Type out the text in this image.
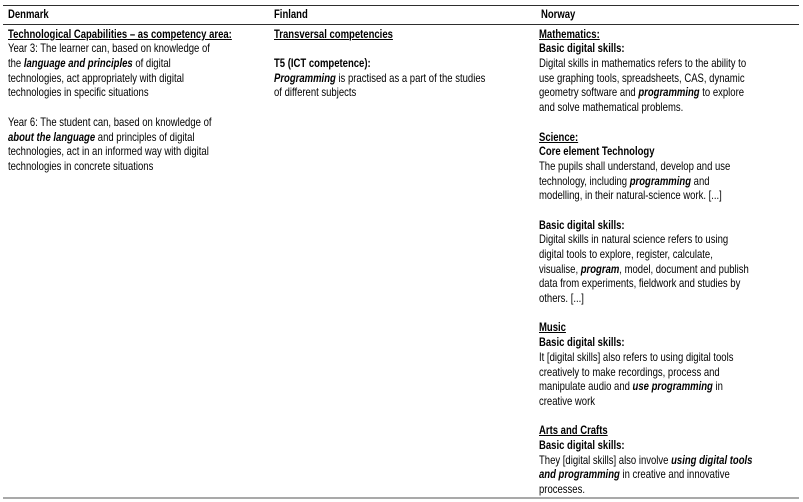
Denmark	Finland	Norway
Technological Capabilities – as competency area:
Year 3: The learner can, based on knowledge of
the language and principles of digital
technologies, act appropriately with digital
technologies in specific situations
Year 6: The student can, based on knowledge of
about the language and principles of digital
technologies, act in an informed way with digital
technologies in concrete situations
Transversal competencies
T5 (ICT competence):
Programming is practised as a part of the studies
of different subjects
Mathematics:
Basic digital skills:
Digital skills in mathematics refers to the ability to
use graphing tools, spreadsheets, CAS, dynamic
geometry software and programming to explore
and solve mathematical problems.
Science:
Core element Technology
The pupils shall understand, develop and use
technology, including programming and
modelling, in their natural-science work. [...]
Basic digital skills:
Digital skills in natural science refers to using
digital tools to explore, register, calculate,
visualise, program, model, document and publish
data from experiments, fieldwork and studies by
others. [...]
Music
Basic digital skills:
It [digital skills] also refers to using digital tools
creatively to make recordings, process and
manipulate audio and use programming in
creative work
Arts and Crafts
Basic digital skills:
They [digital skills] also involve using digital tools
and programming in creative and innovative
processes.
